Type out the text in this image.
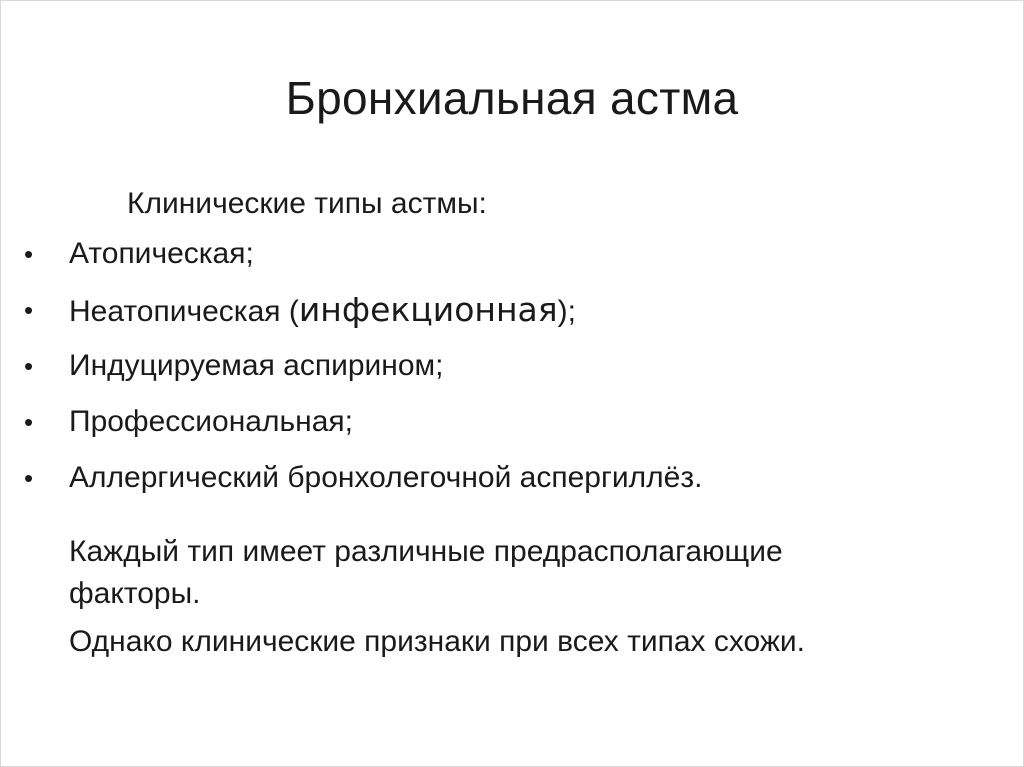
Бронхиальная астма
Клинические типы астмы:
•	Атопическая;
•	Неатопическая (инфекционная);
•	Индуцируемая аспирином;
•	Профессиональная;
•	Аллергический бронхолегочной аспергиллёз.
Каждый тип имеет различные предрасполагающие
факторы.
Однако клинические признаки при всех типах схожи.
